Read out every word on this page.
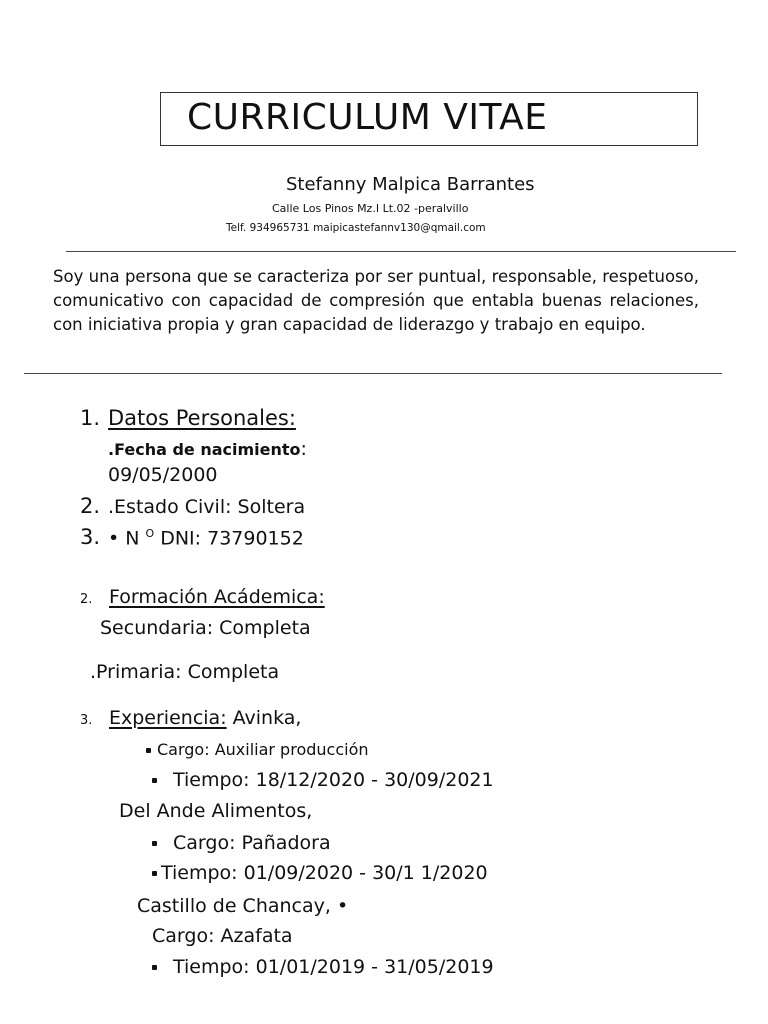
CURRICULUM VITAE
Stefanny Malpica Barrantes
Calle Los Pinos Mz.I Lt.02 -peralvillo
Telf. 934965731 maipicastefannv130@qmail.com
Soy una persona que se caracteriza por ser puntual, responsable, respetuoso, comunicativo con capacidad de compresión que entabla buenas relaciones, con iniciativa propia y gran capacidad de liderazgo y trabajo en equipo.
1. Datos Personales:
.Fecha de nacimiento:
09/05/2000
2. .Estado Civil: Soltera
3. • N $^O$ DNI: 73790152
2. Formación Acádemica:
Secundaria: Completa
.Primaria: Completa
3. Experiencia: Avinka,
Cargo: Auxiliar producción
Tiempo: 18/12/2020 - 30/09/2021
Del Ande Alimentos,
Cargo: Pañadora
Tiempo: 01/09/2020 - 30/1 1/2020
Castillo de Chancay, •
Cargo: Azafata
Tiempo: 01/01/2019 - 31/05/2019
